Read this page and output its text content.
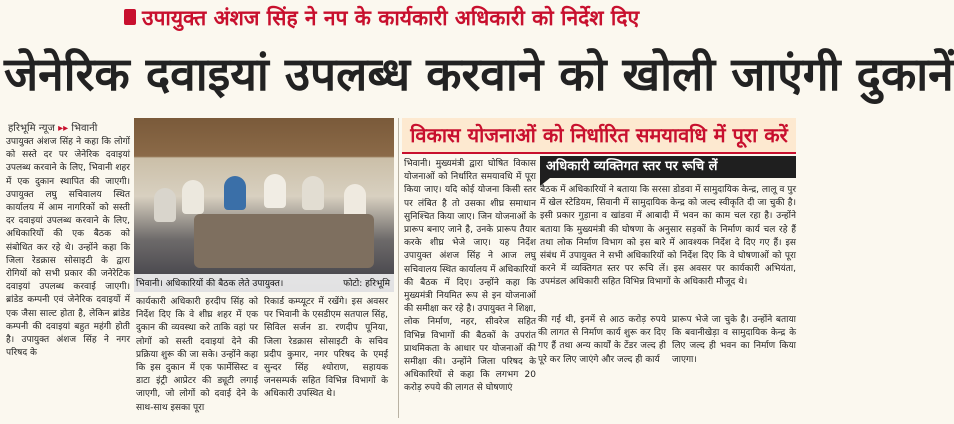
उपायुक्त अंशज सिंह ने नप के कार्यकारी अधिकारी को निर्देश दिए
जेनेरिक दवाइयां उपलब्ध करवाने को खोली जाएंगी दुकानें
हरिभूमि न्यूज ▸▸ भिवानी
उपायुक्त अंशज सिंह ने कहा कि लोगों को सस्ते दर पर जेनेरिक दवाइयां उपलब्ध करवाने के लिए, भिवानी शहर में एक दुकान स्थापित की जाएगी। उपायुक्त लघु सचिवालय स्थित कार्यालय में आम नागरिकों को सस्ती दर दवाइयां उपलब्ध करवाने के लिए, अधिकारियों की एक बैठक को संबोधित कर रहे थे। उन्होंने कहा कि जिला रेडक्रास सोसाइटी के द्वारा रोगियों को सभी प्रकार की जनेरेटिक दवाइयां उपलब्ध करवाई जाएगी। ब्रांडेड कम्पनी एवं जेनेरिक दवाइयों में एक जैसा साल्ट होता है, लेकिन ब्रांडेड कम्पनी की दवाइयां बहुत महंगी होती है। उपायुक्त अंशज सिंह ने नगर परिषद के
भिवानी। अधिकारियों की बैठक लेते उपायुक्त।	फोटो: हरिभूमि
कार्यकारी अधिकारी हरदीप सिंह को निर्देश दिए कि वे शीघ्र शहर में एक दुकान की व्यवस्था करे ताकि वहां पर लोगों को सस्ती दवाइयां देने की प्रक्रिया शुरू की जा सके। उन्होंने कहा कि इस दुकान में एक फार्मेसिस्ट व डाटा इंट्री आप्रेटर की ड्यूटी लगाई जाएगी, जो लोगों को दवाई देने के साथ-साथ इसका पूरा
रिकार्ड कम्प्यूटर में रखेंगे। इस अवसर पर भिवानी के एसडीएम सतपाल सिंह, सिविल सर्जन डा. रणदीप पूनिया, जिला रेडक्रास सोसाइटी के सचिव प्रदीप कुमार, नगर परिषद के एमई सुन्दर सिंह श्योराण, सहायक जनसम्पर्क सहित विभिन्न विभागों के अधिकारी उपस्थित थे।
विकास योजनाओं को निर्धारित समयावधि में पूरा करें
भिवानी। मुख्यमंत्री द्वारा घोषित विकास योजनाओं को निर्धारित समयावधि में पूरा किया जाए। यदि कोई योजना किसी स्तर पर लंबित है तो उसका शीघ्र समाधान सुनिश्चित किया जाए। जिन योजनाओं के प्रारूप बनाए जाने है, उनके प्रारूप तैयार करके शीघ्र भेजे जाए। यह निर्देश उपायुक्त अंशज सिंह ने आज लघु सचिवालय स्थित कार्यालय में अधिकारियों की बैठक में दिए। उन्होंने कहा कि मुख्यमंत्री नियमित रूप से इन योजनाओं की समीक्षा कर रहे है। उपायुक्त ने शिक्षा, लोक निर्माण, नहर, सीवरेज सहित विभिन्न विभागों की बैठकों के उपरांत प्राथमिकता के आधार पर योजनाओं की समीक्षा की। उन्होंने जिला परिषद के अधिकारियों से कहा कि लगभग 20 करोड़ रुपये की लागत से घोषणाएं
अधिकारी व्यक्तिगत स्तर पर रूचि लें
बैठक में अधिकारियों ने बताया कि सरसा डोडवा में सामुदायिक केन्द्र, लालू व पुर में खेल स्टेडियम, सिवानी में सामुदायिक केन्द्र को जल्द स्वीकृति दी जा चुकी है। इसी प्रकार गुड़ाना व खांडवा में आबादी में भवन का काम चल रहा है। उन्होंने बताया कि मुख्यमंत्री की घोषणा के अनुसार सड़कों के निर्माण कार्य चल रहे हैं तथा लोक निर्माण विभाग को इस बारे में आवश्यक निर्देश दे दिए गए हैं। इस संबंध में उपायुक्त ने सभी अधिकारियों को निर्देश दिए कि वे घोषणाओं को पूरा करने में व्यक्तिगत स्तर पर रूचि लें। इस अवसर पर कार्यकारी अभियंता, उपमंडल अधिकारी सहित विभिन्न विभागों के अधिकारी मौजूद थे।
की गई थी, इनमें से आठ करोड़ रुपये की लागत से निर्माण कार्य शुरू कर दिए गए हैं तथा अन्य कार्यों के टेंडर जल्द ही पूरे कर लिए जाएंगे और जल्द ही कार्य
प्रारूप भेजे जा चुके है। उन्होंने बताया कि बवानीखेड़ा व सामुदायिक केन्द्र के लिए जल्द ही भवन का निर्माण किया जाएगा।
